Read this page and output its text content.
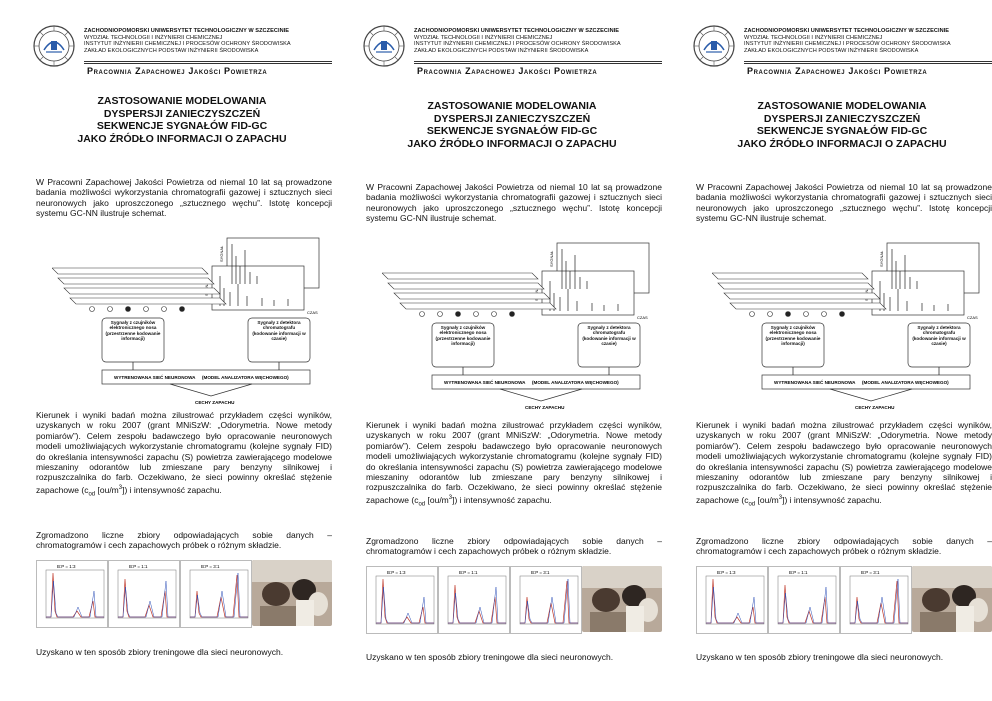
ZACHODNIOPOMORSKI UNIWERSYTET TECHNOLOGICZNY W SZCZECINIE
WYDZIAŁ TECHNOLOGII I INŻYNIERII CHEMICZNEJ
INSTYTUT INŻYNIERII CHEMICZNEJ I PROCESÓW OCHRONY ŚRODOWISKA
ZAKŁAD EKOLOGICZNYCH PODSTAW INŻYNIERII ŚRODOWISKA
Pracownia Zapachowej Jakości Powietrza
ZASTOSOWANIE MODELOWANIA
DYSPERSJI ZANIECZYSZCZEŃ
SEKWENCJE SYGNAŁÓW FID-GC
JAKO ŹRÓDŁO INFORMACJI O ZAPACHU
W Pracowni Zapachowej Jakości Powietrza od niemal 10 lat są prowadzone badania możliwości wykorzystania chromatografii gazowej i sztucznych sieci neuronowych jako uproszczonego „sztucznego węchu”. Istotę koncepcji systemu GC-NN ilustruje schemat.
SYGNAŁ
CZAS
Sygnały z czujników elektronicznego nosa (przestrzenne kodowanie informacji)
Sygnały z detektora chromatografu (kodowanie informacji w czasie)
WYTRENOWANA SIEĆ NEURONOWA (MODEL ANALIZATORA WĘCHOWEGO)
CECHY ZAPACHU
Kierunek i wyniki badań można zilustrować przykładem części wyników, uzyskanych w roku 2007 (grant MNiSzW: „Odorymetria. Nowe metody pomiarów”). Celem zespołu badawczego było opracowanie neuronowych modeli umożliwiających wykorzystanie chromatogramu (kolejne sygnały FID) do określania intensywności zapachu (S) powietrza zawierającego modelowe mieszaniny odorantów lub zmieszane pary benzyny silnikowej i rozpuszczalnika do farb. Oczekiwano, że sieci powinny określać stężenie zapachowe ($c_{od}$ $[ou/m^3]$) i intensywność zapachu.
Zgromadzono liczne zbiory odpowiadających sobie danych – chromatogramów i cech zapachowych próbek o różnym składzie.
B:P = 1:3	B:P = 1:1	B:P = 3:1
Uzyskano w ten sposób zbiory treningowe dla sieci neuronowych.
ZACHODNIOPOMORSKI UNIWERSYTET TECHNOLOGICZNY W SZCZECINIE
WYDZIAŁ TECHNOLOGII I INŻYNIERII CHEMICZNEJ
INSTYTUT INŻYNIERII CHEMICZNEJ I PROCESÓW OCHRONY ŚRODOWISKA
ZAKŁAD EKOLOGICZNYCH PODSTAW INŻYNIERII ŚRODOWISKA
Pracownia Zapachowej Jakości Powietrza
ZASTOSOWANIE MODELOWANIA
DYSPERSJI ZANIECZYSZCZEŃ
SEKWENCJE SYGNAŁÓW FID-GC
JAKO ŹRÓDŁO INFORMACJI O ZAPACHU
W Pracowni Zapachowej Jakości Powietrza od niemal 10 lat są prowadzone badania możliwości wykorzystania chromatografii gazowej i sztucznych sieci neuronowych jako uproszczonego „sztucznego węchu”. Istotę koncepcji systemu GC-NN ilustruje schemat.
SYGNAŁ
CZAS
Sygnały z czujników elektronicznego nosa (przestrzenne kodowanie informacji)
Sygnały z detektora chromatografu (kodowanie informacji w czasie)
WYTRENOWANA SIEĆ NEURONOWA (MODEL ANALIZATORA WĘCHOWEGO)
CECHY ZAPACHU
Kierunek i wyniki badań można zilustrować przykładem części wyników, uzyskanych w roku 2007 (grant MNiSzW: „Odorymetria. Nowe metody pomiarów”). Celem zespołu badawczego było opracowanie neuronowych modeli umożliwiających wykorzystanie chromatogramu (kolejne sygnały FID) do określania intensywności zapachu (S) powietrza zawierającego modelowe mieszaniny odorantów lub zmieszane pary benzyny silnikowej i rozpuszczalnika do farb. Oczekiwano, że sieci powinny określać stężenie zapachowe ($c_{od}$ $[ou/m^3]$) i intensywność zapachu.
Zgromadzono liczne zbiory odpowiadających sobie danych – chromatogramów i cech zapachowych próbek o różnym składzie.
B:P = 1:3	B:P = 1:1	B:P = 3:1
Uzyskano w ten sposób zbiory treningowe dla sieci neuronowych.
ZACHODNIOPOMORSKI UNIWERSYTET TECHNOLOGICZNY W SZCZECINIE
WYDZIAŁ TECHNOLOGII I INŻYNIERII CHEMICZNEJ
INSTYTUT INŻYNIERII CHEMICZNEJ I PROCESÓW OCHRONY ŚRODOWISKA
ZAKŁAD EKOLOGICZNYCH PODSTAW INŻYNIERII ŚRODOWISKA
Pracownia Zapachowej Jakości Powietrza
ZASTOSOWANIE MODELOWANIA
DYSPERSJI ZANIECZYSZCZEŃ
SEKWENCJE SYGNAŁÓW FID-GC
JAKO ŹRÓDŁO INFORMACJI O ZAPACHU
W Pracowni Zapachowej Jakości Powietrza od niemal 10 lat są prowadzone badania możliwości wykorzystania chromatografii gazowej i sztucznych sieci neuronowych jako uproszczonego „sztucznego węchu”. Istotę koncepcji systemu GC-NN ilustruje schemat.
SYGNAŁ
CZAS
Sygnały z czujników elektronicznego nosa (przestrzenne kodowanie informacji)
Sygnały z detektora chromatografu (kodowanie informacji w czasie)
WYTRENOWANA SIEĆ NEURONOWA (MODEL ANALIZATORA WĘCHOWEGO)
CECHY ZAPACHU
Kierunek i wyniki badań można zilustrować przykładem części wyników, uzyskanych w roku 2007 (grant MNiSzW: „Odorymetria. Nowe metody pomiarów”). Celem zespołu badawczego było opracowanie neuronowych modeli umożliwiających wykorzystanie chromatogramu (kolejne sygnały FID) do określania intensywności zapachu (S) powietrza zawierającego modelowe mieszaniny odorantów lub zmieszane pary benzyny silnikowej i rozpuszczalnika do farb. Oczekiwano, że sieci powinny określać stężenie zapachowe ($c_{od}$ $[ou/m^3]$) i intensywność zapachu.
Zgromadzono liczne zbiory odpowiadających sobie danych – chromatogramów i cech zapachowych próbek o różnym składzie.
B:P = 1:3	B:P = 1:1	B:P = 3:1
Uzyskano w ten sposób zbiory treningowe dla sieci neuronowych.
